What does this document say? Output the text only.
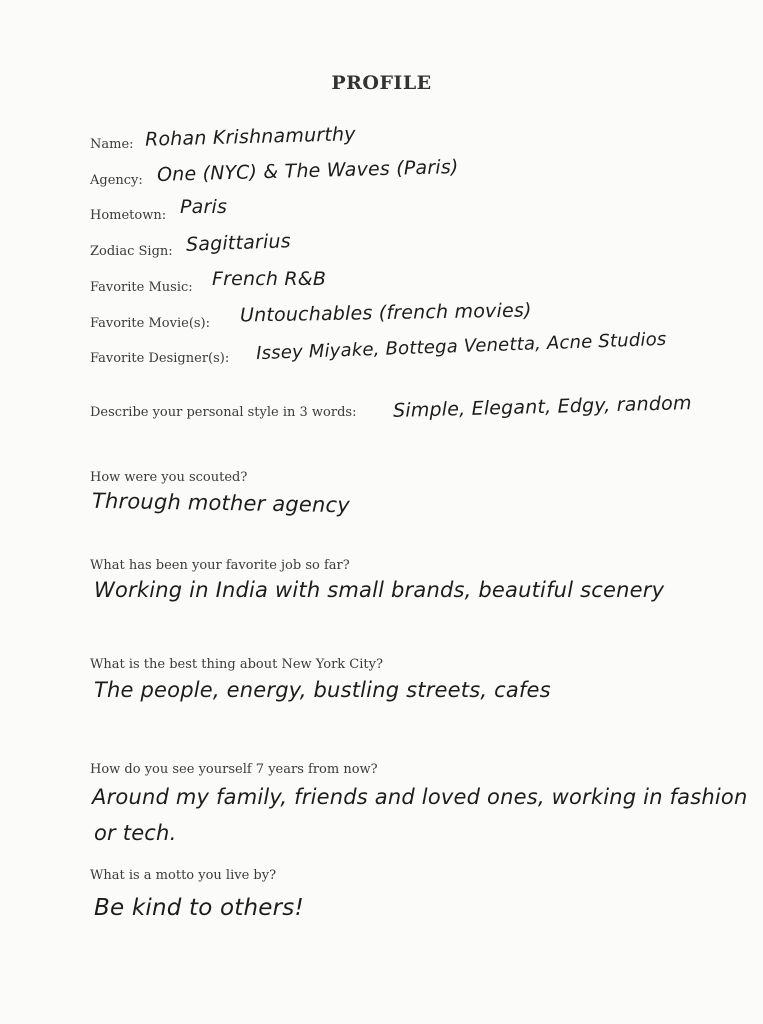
PROFILE
Name: Rohan Krishnamurthy
Agency: One (NYC) & The Waves (Paris)
Hometown: Paris
Zodiac Sign: Sagittarius
Favorite Music: French R&B
Favorite Movie(s): Untouchables (french movies)
Favorite Designer(s): Issey Miyake, Bottega Venetta, Acne Studios
Describe your personal style in 3 words: Simple, Elegant, Edgy, random
How were you scouted?
Through mother agency
What has been your favorite job so far?
Working in India with small brands, beautiful scenery
What is the best thing about New York City?
The people, energy, bustling streets, cafes
How do you see yourself 7 years from now?
Around my family, friends and loved ones, working in fashion
or tech.
What is a motto you live by?
Be kind to others!
